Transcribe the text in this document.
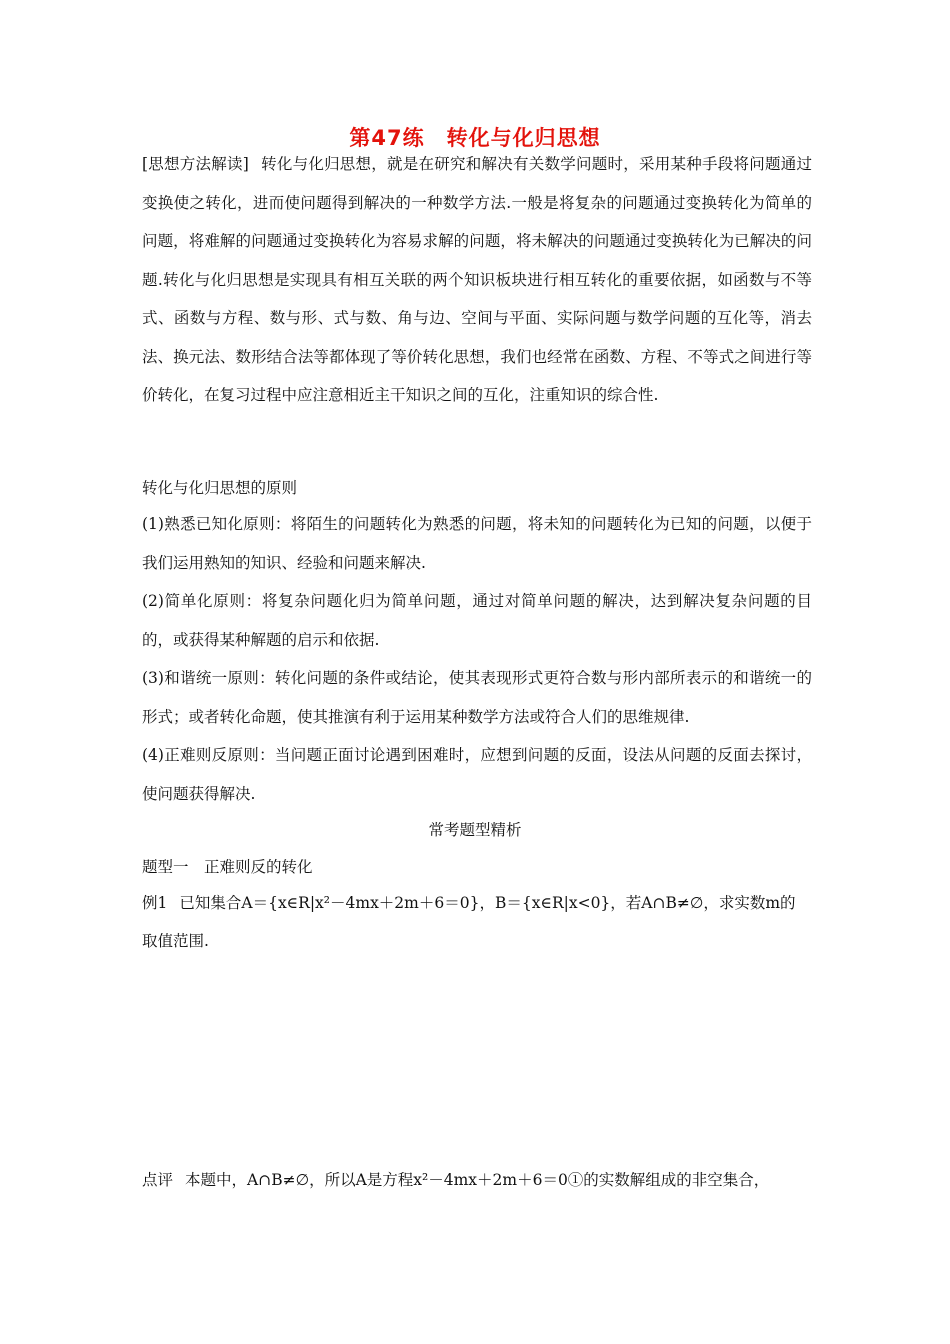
第47练　转化与化归思想
[思想方法解读] 转化与化归思想，就是在研究和解决有关数学问题时，采用某种手段将问题通过变换使之转化，进而使问题得到解决的一种数学方法.一般是将复杂的问题通过变换转化为简单的问题，将难解的问题通过变换转化为容易求解的问题，将未解决的问题通过变换转化为已解决的问题.转化与化归思想是实现具有相互关联的两个知识板块进行相互转化的重要依据，如函数与不等式、函数与方程、数与形、式与数、角与边、空间与平面、实际问题与数学问题的互化等，消去法、换元法、数形结合法等都体现了等价转化思想，我们也经常在函数、方程、不等式之间进行等价转化，在复习过程中应注意相近主干知识之间的互化，注重知识的综合性.
转化与化归思想的原则
(1)熟悉已知化原则：将陌生的问题转化为熟悉的问题，将未知的问题转化为已知的问题，以便于我们运用熟知的知识、经验和问题来解决.
(2)简单化原则：将复杂问题化归为简单问题，通过对简单问题的解决，达到解决复杂问题的目的，或获得某种解题的启示和依据.
(3)和谐统一原则：转化问题的条件或结论，使其表现形式更符合数与形内部所表示的和谐统一的形式；或者转化命题，使其推演有利于运用某种数学方法或符合人们的思维规律.
(4)正难则反原则：当问题正面讨论遇到困难时，应想到问题的反面，设法从问题的反面去探讨，使问题获得解决.
常考题型精析
题型一　正难则反的转化
例1 已知集合A＝{x∈R|x²－4mx＋2m＋6＝0}，B＝{x∈R|x<0}，若A∩B≠∅，求实数m的
取值范围.
点评 本题中，A∩B≠∅，所以A是方程x²－4mx＋2m＋6＝0①的实数解组成的非空集合，
